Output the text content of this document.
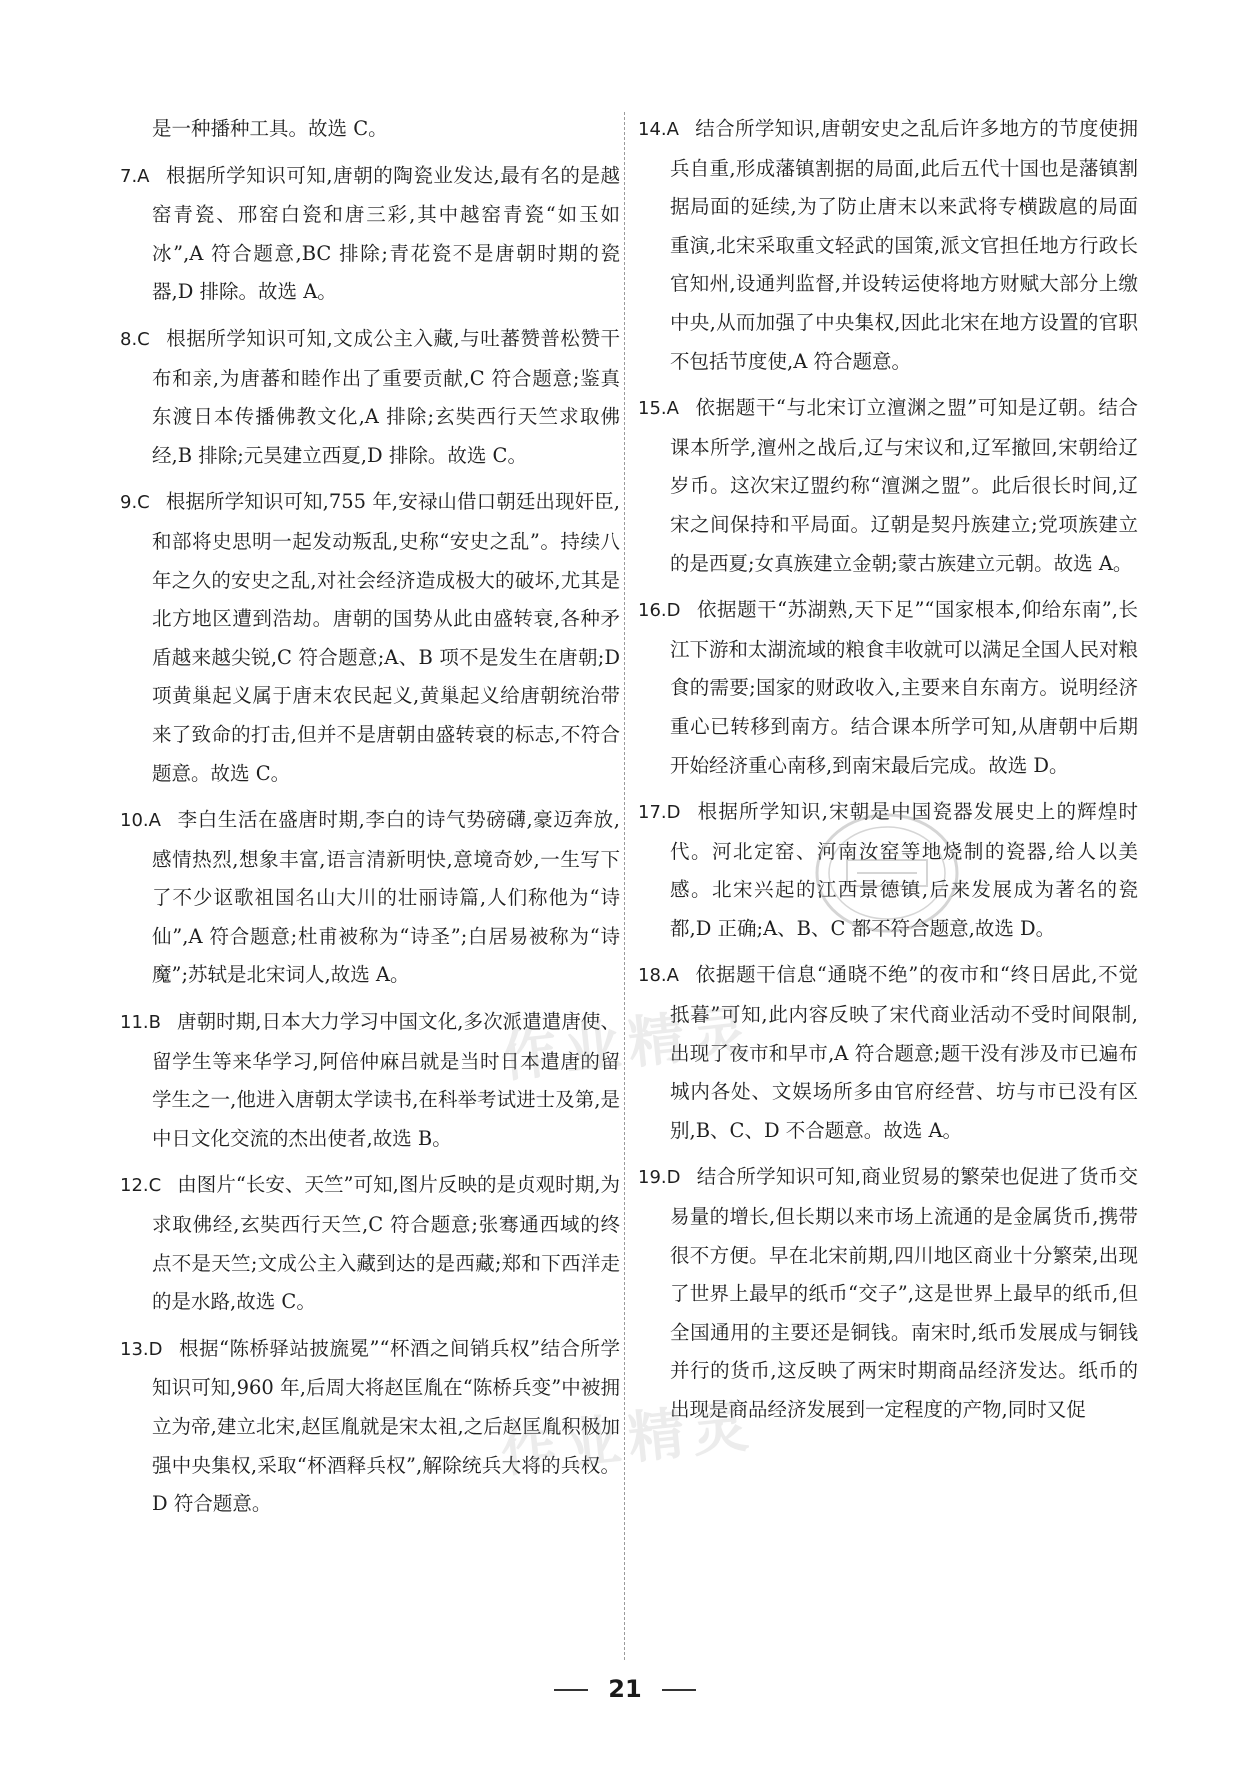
是一种播种工具。故选 C。

7.A 根据所学知识可知,唐朝的陶瓷业发达,最有名的是越窑青瓷、邢窑白瓷和唐三彩,其中越窑青瓷“如玉如冰”,A 符合题意,BC 排除;青花瓷不是唐朝时期的瓷器,D 排除。故选 A。

8.C 根据所学知识可知,文成公主入藏,与吐蕃赞普松赞干布和亲,为唐蕃和睦作出了重要贡献,C 符合题意;鉴真东渡日本传播佛教文化,A 排除;玄奘西行天竺求取佛经,B 排除;元昊建立西夏,D 排除。故选 C。

9.C 根据所学知识可知,755 年,安禄山借口朝廷出现奸臣,和部将史思明一起发动叛乱,史称“安史之乱”。持续八年之久的安史之乱,对社会经济造成极大的破坏,尤其是北方地区遭到浩劫。唐朝的国势从此由盛转衰,各种矛盾越来越尖锐,C 符合题意;A、B 项不是发生在唐朝;D 项黄巢起义属于唐末农民起义,黄巢起义给唐朝统治带来了致命的打击,但并不是唐朝由盛转衰的标志,不符合题意。故选 C。

10.A 李白生活在盛唐时期,李白的诗气势磅礴,豪迈奔放,感情热烈,想象丰富,语言清新明快,意境奇妙,一生写下了不少讴歌祖国名山大川的壮丽诗篇,人们称他为“诗仙”,A 符合题意;杜甫被称为“诗圣”;白居易被称为“诗魔”;苏轼是北宋词人,故选 A。

11.B 唐朝时期,日本大力学习中国文化,多次派遣遣唐使、留学生等来华学习,阿倍仲麻吕就是当时日本遣唐的留学生之一,他进入唐朝太学读书,在科举考试进士及第,是中日文化交流的杰出使者,故选 B。

12.C 由图片“长安、天竺”可知,图片反映的是贞观时期,为求取佛经,玄奘西行天竺,C 符合题意;张骞通西域的终点不是天竺;文成公主入藏到达的是西藏;郑和下西洋走的是水路,故选 C。

13.D 根据“陈桥驿站披旒冕”“杯酒之间销兵权”结合所学知识可知,960 年,后周大将赵匡胤在“陈桥兵变”中被拥立为帝,建立北宋,赵匡胤就是宋太祖,之后赵匡胤积极加强中央集权,采取“杯酒释兵权”,解除统兵大将的兵权。D 符合题意。

14.A 结合所学知识,唐朝安史之乱后许多地方的节度使拥兵自重,形成藩镇割据的局面,此后五代十国也是藩镇割据局面的延续,为了防止唐末以来武将专横跋扈的局面重演,北宋采取重文轻武的国策,派文官担任地方行政长官知州,设通判监督,并设转运使将地方财赋大部分上缴中央,从而加强了中央集权,因此北宋在地方设置的官职不包括节度使,A 符合题意。

15.A 依据题干“与北宋订立澶渊之盟”可知是辽朝。结合课本所学,澶州之战后,辽与宋议和,辽军撤回,宋朝给辽岁币。这次宋辽盟约称“澶渊之盟”。此后很长时间,辽宋之间保持和平局面。辽朝是契丹族建立;党项族建立的是西夏;女真族建立金朝;蒙古族建立元朝。故选 A。

16.D 依据题干“苏湖熟,天下足”“国家根本,仰给东南”,长江下游和太湖流域的粮食丰收就可以满足全国人民对粮食的需要;国家的财政收入,主要来自东南方。说明经济重心已转移到南方。结合课本所学可知,从唐朝中后期开始经济重心南移,到南宋最后完成。故选 D。

17.D 根据所学知识,宋朝是中国瓷器发展史上的辉煌时代。河北定窑、河南汝窑等地烧制的瓷器,给人以美感。北宋兴起的江西景德镇,后来发展成为著名的瓷都,D 正确;A、B、C 都不符合题意,故选 D。

18.A 依据题干信息“通晓不绝”的夜市和“终日居此,不觉抵暮”可知,此内容反映了宋代商业活动不受时间限制,出现了夜市和早市,A 符合题意;题干没有涉及市已遍布城内各处、文娱场所多由官府经营、坊与市已没有区别,B、C、D 不合题意。故选 A。

19.D 结合所学知识可知,商业贸易的繁荣也促进了货币交易量的增长,但长期以来市场上流通的是金属货币,携带很不方便。早在北宋前期,四川地区商业十分繁荣,出现了世界上最早的纸币“交子”,这是世界上最早的纸币,但全国通用的主要还是铜钱。南宋时,纸币发展成与铜钱并行的货币,这反映了两宋时期商品经济发达。纸币的出现是商品经济发展到一定程度的产物,同时又促

作业精灵
作业精灵
21
